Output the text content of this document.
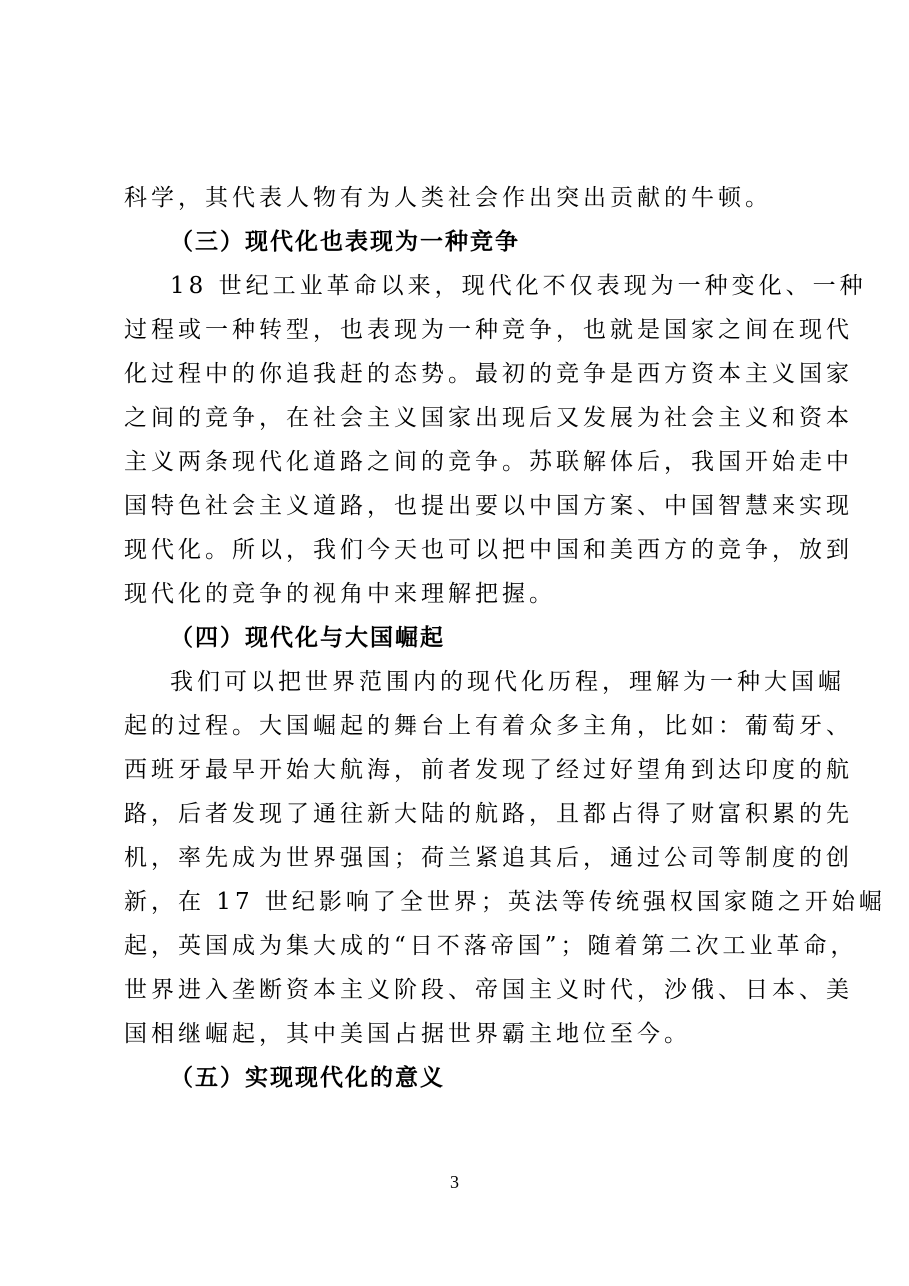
科学，其代表人物有为人类社会作出突出贡献的牛顿。
（三）现代化也表现为一种竞争
18 世纪工业革命以来，现代化不仅表现为一种变化、一种
过程或一种转型，也表现为一种竞争，也就是国家之间在现代
化过程中的你追我赶的态势。最初的竞争是西方资本主义国家
之间的竞争，在社会主义国家出现后又发展为社会主义和资本
主义两条现代化道路之间的竞争。苏联解体后，我国开始走中
国特色社会主义道路，也提出要以中国方案、中国智慧来实现
现代化。所以，我们今天也可以把中国和美西方的竞争，放到
现代化的竞争的视角中来理解把握。
（四）现代化与大国崛起
我们可以把世界范围内的现代化历程，理解为一种大国崛
起的过程。大国崛起的舞台上有着众多主角，比如：葡萄牙、
西班牙最早开始大航海，前者发现了经过好望角到达印度的航
路，后者发现了通往新大陆的航路，且都占得了财富积累的先
机，率先成为世界强国；荷兰紧追其后，通过公司等制度的创
新，在 17 世纪影响了全世界；英法等传统强权国家随之开始崛
起，英国成为集大成的“日不落帝国”；随着第二次工业革命，
世界进入垄断资本主义阶段、帝国主义时代，沙俄、日本、美
国相继崛起，其中美国占据世界霸主地位至今。
（五）实现现代化的意义
3
